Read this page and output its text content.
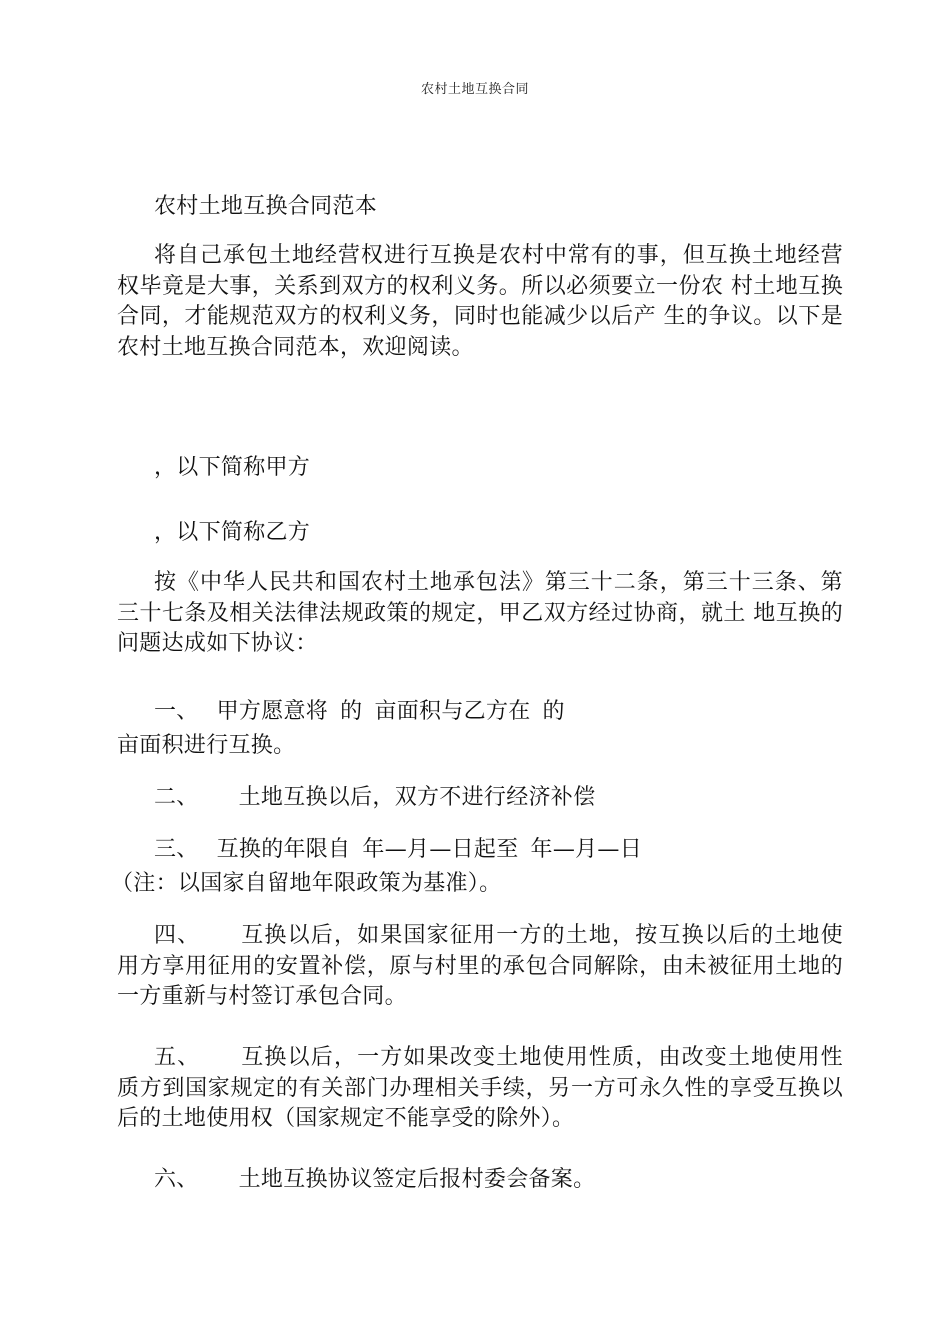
农村土地互换合同
农村土地互换合同范本
将自己承包土地经营权进行互换是农村中常有的事，但互换土地经营权毕竟是大事，关系到双方的权利义务。所以必须要立一份农 村土地互换合同，才能规范双方的权利义务，同时也能减少以后产 生的争议。以下是农村土地互换合同范本，欢迎阅读。
，以下简称甲方
，以下简称乙方
按《中华人民共和国农村土地承包法》第三十二条，第三十三条、第三十七条及相关法律法规政策的规定，甲乙双方经过协商，就土 地互换的问题达成如下协议：
一、 甲方愿意将 的 亩面积与乙方在 的
亩面积进行互换。
二、 土地互换以后，双方不进行经济补偿
三、 互换的年限自 年—月—日起至 年—月—日
（注：以国家自留地年限政策为基准）。
四、 互换以后，如果国家征用一方的土地，按互换以后的土地使 用方享用征用的安置补偿，原与村里的承包合同解除，由未被征用土地的一方重新与村签订承包合同。
五、 互换以后，一方如果改变土地使用性质，由改变土地使用性 质方到国家规定的有关部门办理相关手续，另一方可永久性的享受互换以后的土地使用权（国家规定不能享受的除外）。
六、 土地互换协议签定后报村委会备案。
